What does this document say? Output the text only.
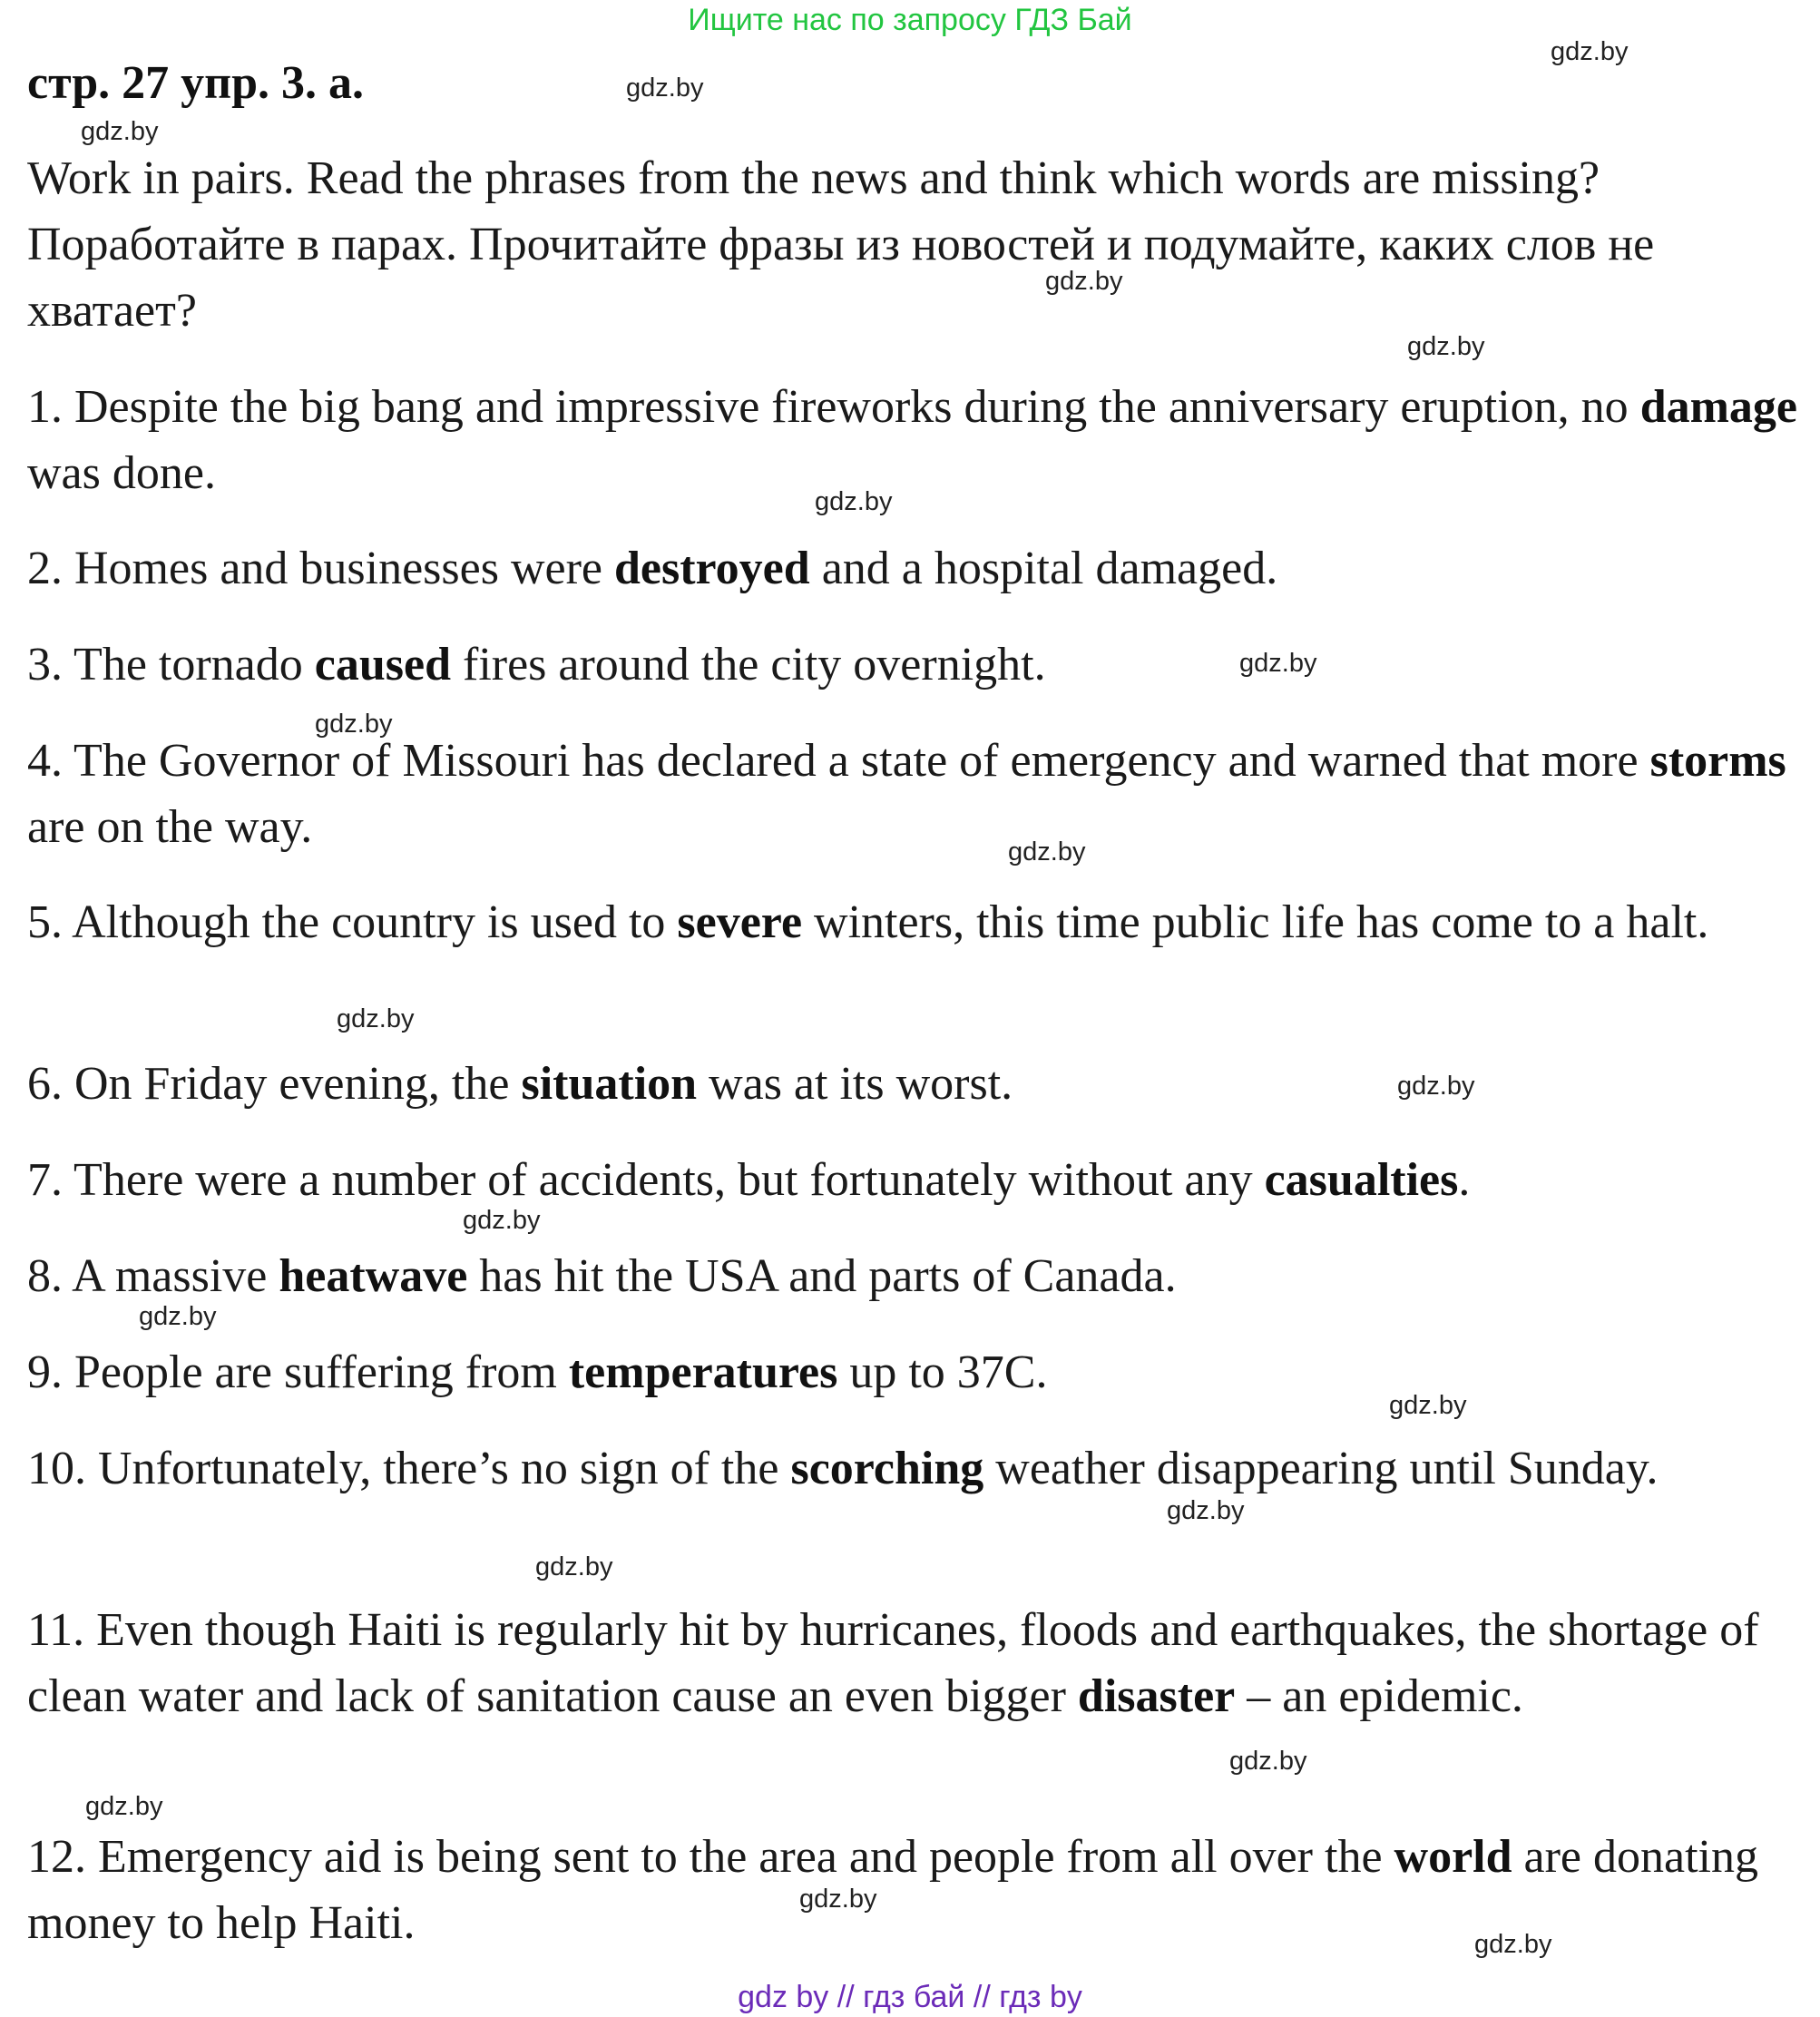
Ищите нас по запросу ГДЗ Бай
стр. 27 упр. 3. a.
Work in pairs. Read the phrases from the news and think which words are missing?
Поработайте в парах. Прочитайте фразы из новостей и подумайте, каких слов не хватает?
1. Despite the big bang and impressive fireworks during the anniversary eruption, no damage was done.
2. Homes and businesses were destroyed and a hospital damaged.
3. The tornado caused fires around the city overnight.
4. The Governor of Missouri has declared a state of emergency and warned that more storms are on the way.
5. Although the country is used to severe winters, this time public life has come to a halt.
6. On Friday evening, the situation was at its worst.
7. There were a number of accidents, but fortunately without any casualties.
8. A massive heatwave has hit the USA and parts of Canada.
9. People are suffering from temperatures up to 37C.
10. Unfortunately, there’s no sign of the scorching weather disappearing until Sunday.
11. Even though Haiti is regularly hit by hurricanes, floods and earthquakes, the shortage of clean water and lack of sanitation cause an even bigger disaster – an epidemic.
12. Emergency aid is being sent to the area and people from all over the world are donating money to help Haiti.
gdz.by
gdz.by
gdz.by
gdz.by
gdz.by
gdz.by
gdz.by
gdz.by
gdz.by
gdz.by
gdz.by
gdz.by
gdz.by
gdz.by
gdz.by
gdz.by
gdz.by
gdz.by
gdz.by
gdz.by
gdz by // гдз бай // гдз by
